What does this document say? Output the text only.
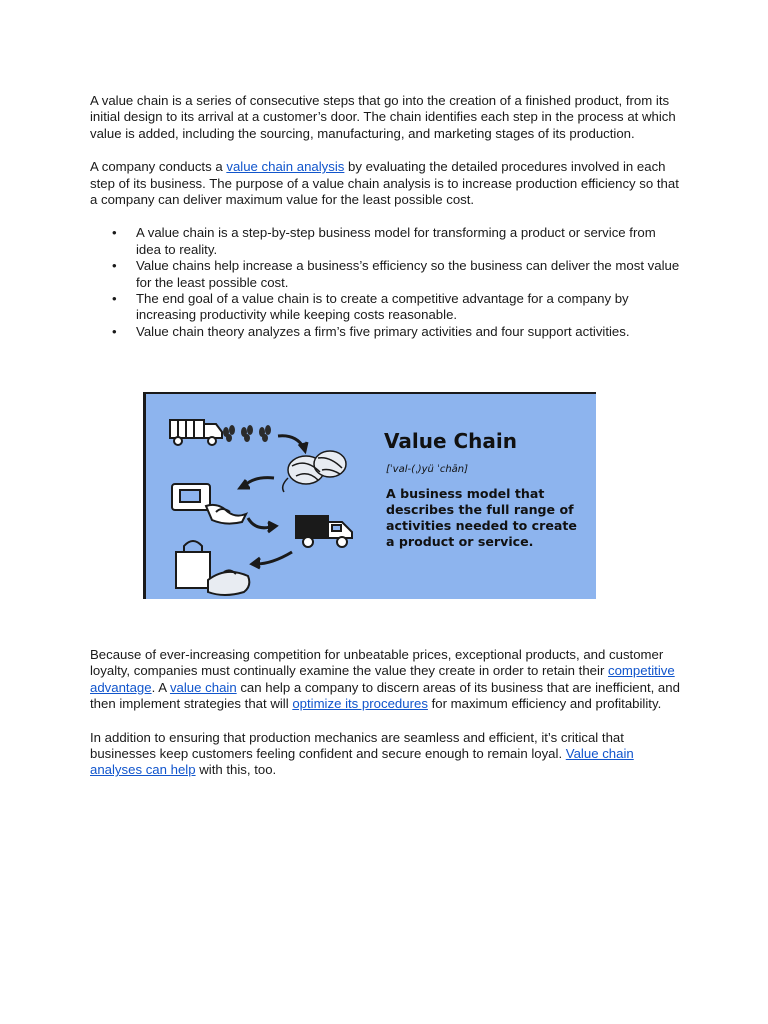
A value chain is a series of consecutive steps that go into the creation of a finished product, from its initial design to its arrival at a customer’s door. The chain identifies each step in the process at which value is added, including the sourcing, manufacturing, and marketing stages of its production.

A company conducts a value chain analysis by evaluating the detailed procedures involved in each step of its business. The purpose of a value chain analysis is to increase production efficiency so that a company can deliver maximum value for the least possible cost.

• A value chain is a step-by-step business model for transforming a product or service from idea to reality.
• Value chains help increase a business’s efficiency so the business can deliver the most value for the least possible cost.
• The end goal of a value chain is to create a competitive advantage for a company by increasing productivity while keeping costs reasonable.
• Value chain theory analyzes a firm’s five primary activities and four support activities.
Value Chain
[ˈval-(ˌ)yü ˈchān]
A business model that describes the full range of activities needed to create a product or service.

Because of ever-increasing competition for unbeatable prices, exceptional products, and customer loyalty, companies must continually examine the value they create in order to retain their competitive advantage. A value chain can help a company to discern areas of its business that are inefficient, and then implement strategies that will optimize its procedures for maximum efficiency and profitability.

In addition to ensuring that production mechanics are seamless and efficient, it’s critical that businesses keep customers feeling confident and secure enough to remain loyal. Value chain analyses can help with this, too.
